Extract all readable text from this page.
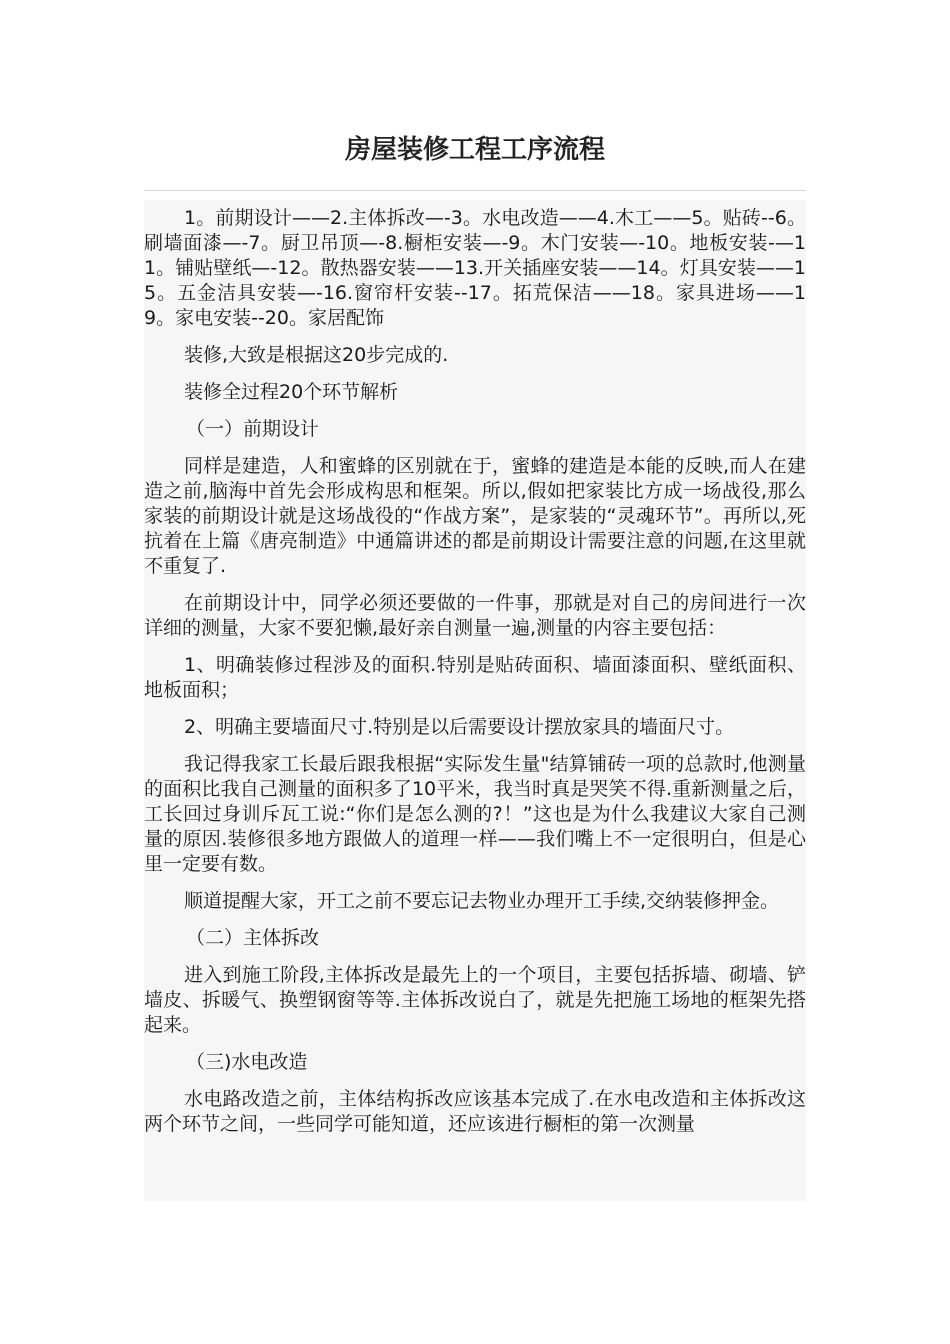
房屋装修工程工序流程

1。前期设计——2.主体拆改—-3。水电改造——4.木工——5。贴砖--6。刷墙面漆—-7。厨卫吊顶—-8.橱柜安装—-9。木门安装—-10。地板安装-—11。铺贴壁纸—-12。散热器安装——13.开关插座安装——14。灯具安装——15。五金洁具安装—-16.窗帘杆安装--17。拓荒保洁——18。家具进场——19。家电安装--20。家居配饰

装修,大致是根据这20步完成的.

装修全过程20个环节解析

（一）前期设计

同样是建造，人和蜜蜂的区别就在于，蜜蜂的建造是本能的反映,而人在建造之前,脑海中首先会形成构思和框架。所以,假如把家装比方成一场战役,那么家装的前期设计就是这场战役的“作战方案”，是家装的“灵魂环节”。再所以,死抗着在上篇《唐亮制造》中通篇讲述的都是前期设计需要注意的问题,在这里就不重复了.

在前期设计中，同学必须还要做的一件事，那就是对自己的房间进行一次详细的测量，大家不要犯懒,最好亲自测量一遍,测量的内容主要包括：

1、明确装修过程涉及的面积.特别是贴砖面积、墙面漆面积、壁纸面积、地板面积；

2、明确主要墙面尺寸.特别是以后需要设计摆放家具的墙面尺寸。

我记得我家工长最后跟我根据“实际发生量"结算铺砖一项的总款时,他测量的面积比我自己测量的面积多了10平米，我当时真是哭笑不得.重新测量之后，工长回过身训斥瓦工说:“你们是怎么测的?！”这也是为什么我建议大家自己测量的原因.装修很多地方跟做人的道理一样——我们嘴上不一定很明白，但是心里一定要有数。

顺道提醒大家，开工之前不要忘记去物业办理开工手续,交纳装修押金。

（二）主体拆改

进入到施工阶段,主体拆改是最先上的一个项目，主要包括拆墙、砌墙、铲墙皮、拆暖气、换塑钢窗等等.主体拆改说白了，就是先把施工场地的框架先搭起来。

（三)水电改造

水电路改造之前，主体结构拆改应该基本完成了.在水电改造和主体拆改这两个环节之间，一些同学可能知道，还应该进行橱柜的第一次测量
